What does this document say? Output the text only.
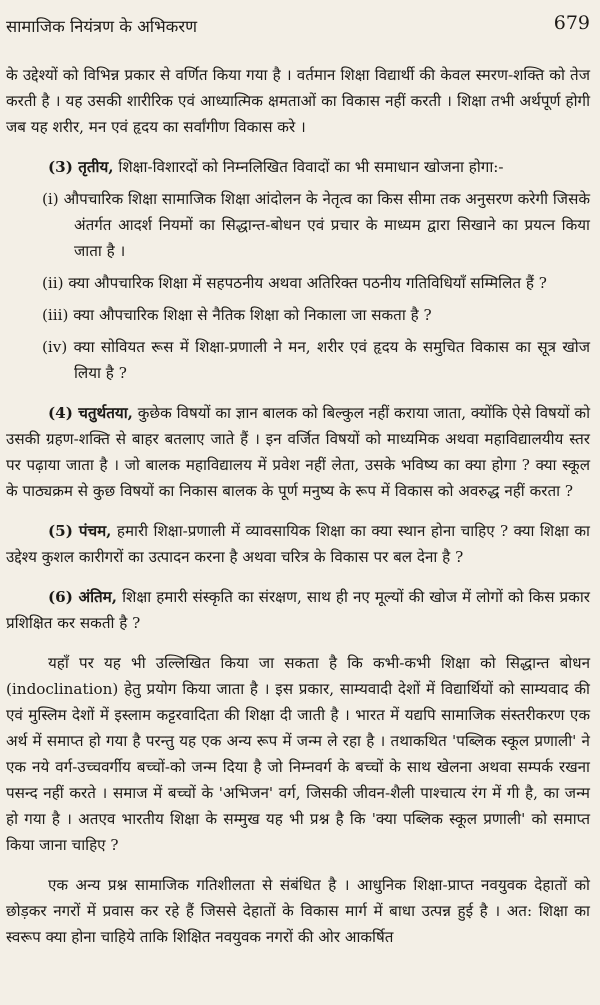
सामाजिक नियंत्रण के अभिकरण	679

के उद्देश्यों को विभिन्न प्रकार से वर्णित किया गया है । वर्तमान शिक्षा विद्यार्थी की केवल स्मरण-शक्ति को तेज करती है । यह उसकी शारीरिक एवं आध्यात्मिक क्षमताओं का विकास नहीं करती । शिक्षा तभी अर्थपूर्ण होगी जब यह शरीर, मन एवं हृदय का सर्वांगीण विकास करे ।

(3) तृतीय, शिक्षा-विशारदों को निम्नलिखित विवादों का भी समाधान खोजना होगा:-

(i) औपचारिक शिक्षा सामाजिक शिक्षा आंदोलन के नेतृत्व का किस सीमा तक अनुसरण करेगी जिसके अंतर्गत आदर्श नियमों का सिद्धान्त-बोधन एवं प्रचार के माध्यम द्वारा सिखाने का प्रयत्न किया जाता है ।

(ii) क्या औपचारिक शिक्षा में सहपठनीय अथवा अतिरिक्त पठनीय गतिविधियाँ सम्मिलित हैं ?

(iii) क्या औपचारिक शिक्षा से नैतिक शिक्षा को निकाला जा सकता है ?

(iv) क्या सोवियत रूस में शिक्षा-प्रणाली ने मन, शरीर एवं हृदय के समुचित विकास का सूत्र खोज लिया है ?

(4) चतुर्थतया, कुछेक विषयों का ज्ञान बालक को बिल्कुल नहीं कराया जाता, क्योंकि ऐसे विषयों को उसकी ग्रहण-शक्ति से बाहर बतलाए जाते हैं । इन वर्जित विषयों को माध्यमिक अथवा महाविद्यालयीय स्तर पर पढ़ाया जाता है । जो बालक महाविद्यालय में प्रवेश नहीं लेता, उसके भविष्य का क्या होगा ? क्या स्कूल के पाठ्यक्रम से कुछ विषयों का निकास बालक के पूर्ण मनुष्य के रूप में विकास को अवरुद्ध नहीं करता ?

(5) पंचम, हमारी शिक्षा-प्रणाली में व्यावसायिक शिक्षा का क्या स्थान होना चाहिए ? क्या शिक्षा का उद्देश्य कुशल कारीगरों का उत्पादन करना है अथवा चरित्र के विकास पर बल देना है ?

(6) अंतिम, शिक्षा हमारी संस्कृति का संरक्षण, साथ ही नए मूल्यों की खोज में लोगों को किस प्रकार प्रशिक्षित कर सकती है ?

यहाँ पर यह भी उल्लिखित किया जा सकता है कि कभी-कभी शिक्षा को सिद्धान्त बोधन (indoclination) हेतु प्रयोग किया जाता है । इस प्रकार, साम्यवादी देशों में विद्यार्थियों को साम्यवाद की एवं मुस्लिम देशों में इस्लाम कट्टरवादिता की शिक्षा दी जाती है । भारत में यद्यपि सामाजिक संस्तरीकरण एक अर्थ में समाप्त हो गया है परन्तु यह एक अन्य रूप में जन्म ले रहा है । तथाकथित 'पब्लिक स्कूल प्रणाली' ने एक नये वर्ग-उच्चवर्गीय बच्चों-को जन्म दिया है जो निम्नवर्ग के बच्चों के साथ खेलना अथवा सम्पर्क रखना पसन्द नहीं करते । समाज में बच्चों के 'अभिजन' वर्ग, जिसकी जीवन-शैली पाश्चात्य रंग में गी है, का जन्म हो गया है । अतएव भारतीय शिक्षा के सम्मुख यह भी प्रश्न है कि 'क्या पब्लिक स्कूल प्रणाली' को समाप्त किया जाना चाहिए ?

एक अन्य प्रश्न सामाजिक गतिशीलता से संबंधित है । आधुनिक शिक्षा-प्राप्त नवयुवक देहातों को छोड़कर नगरों में प्रवास कर रहे हैं जिससे देहातों के विकास मार्ग में बाधा उत्पन्न हुई है । अत: शिक्षा का स्वरूप क्या होना चाहिये ताकि शिक्षित नवयुवक नगरों की ओर आकर्षित
